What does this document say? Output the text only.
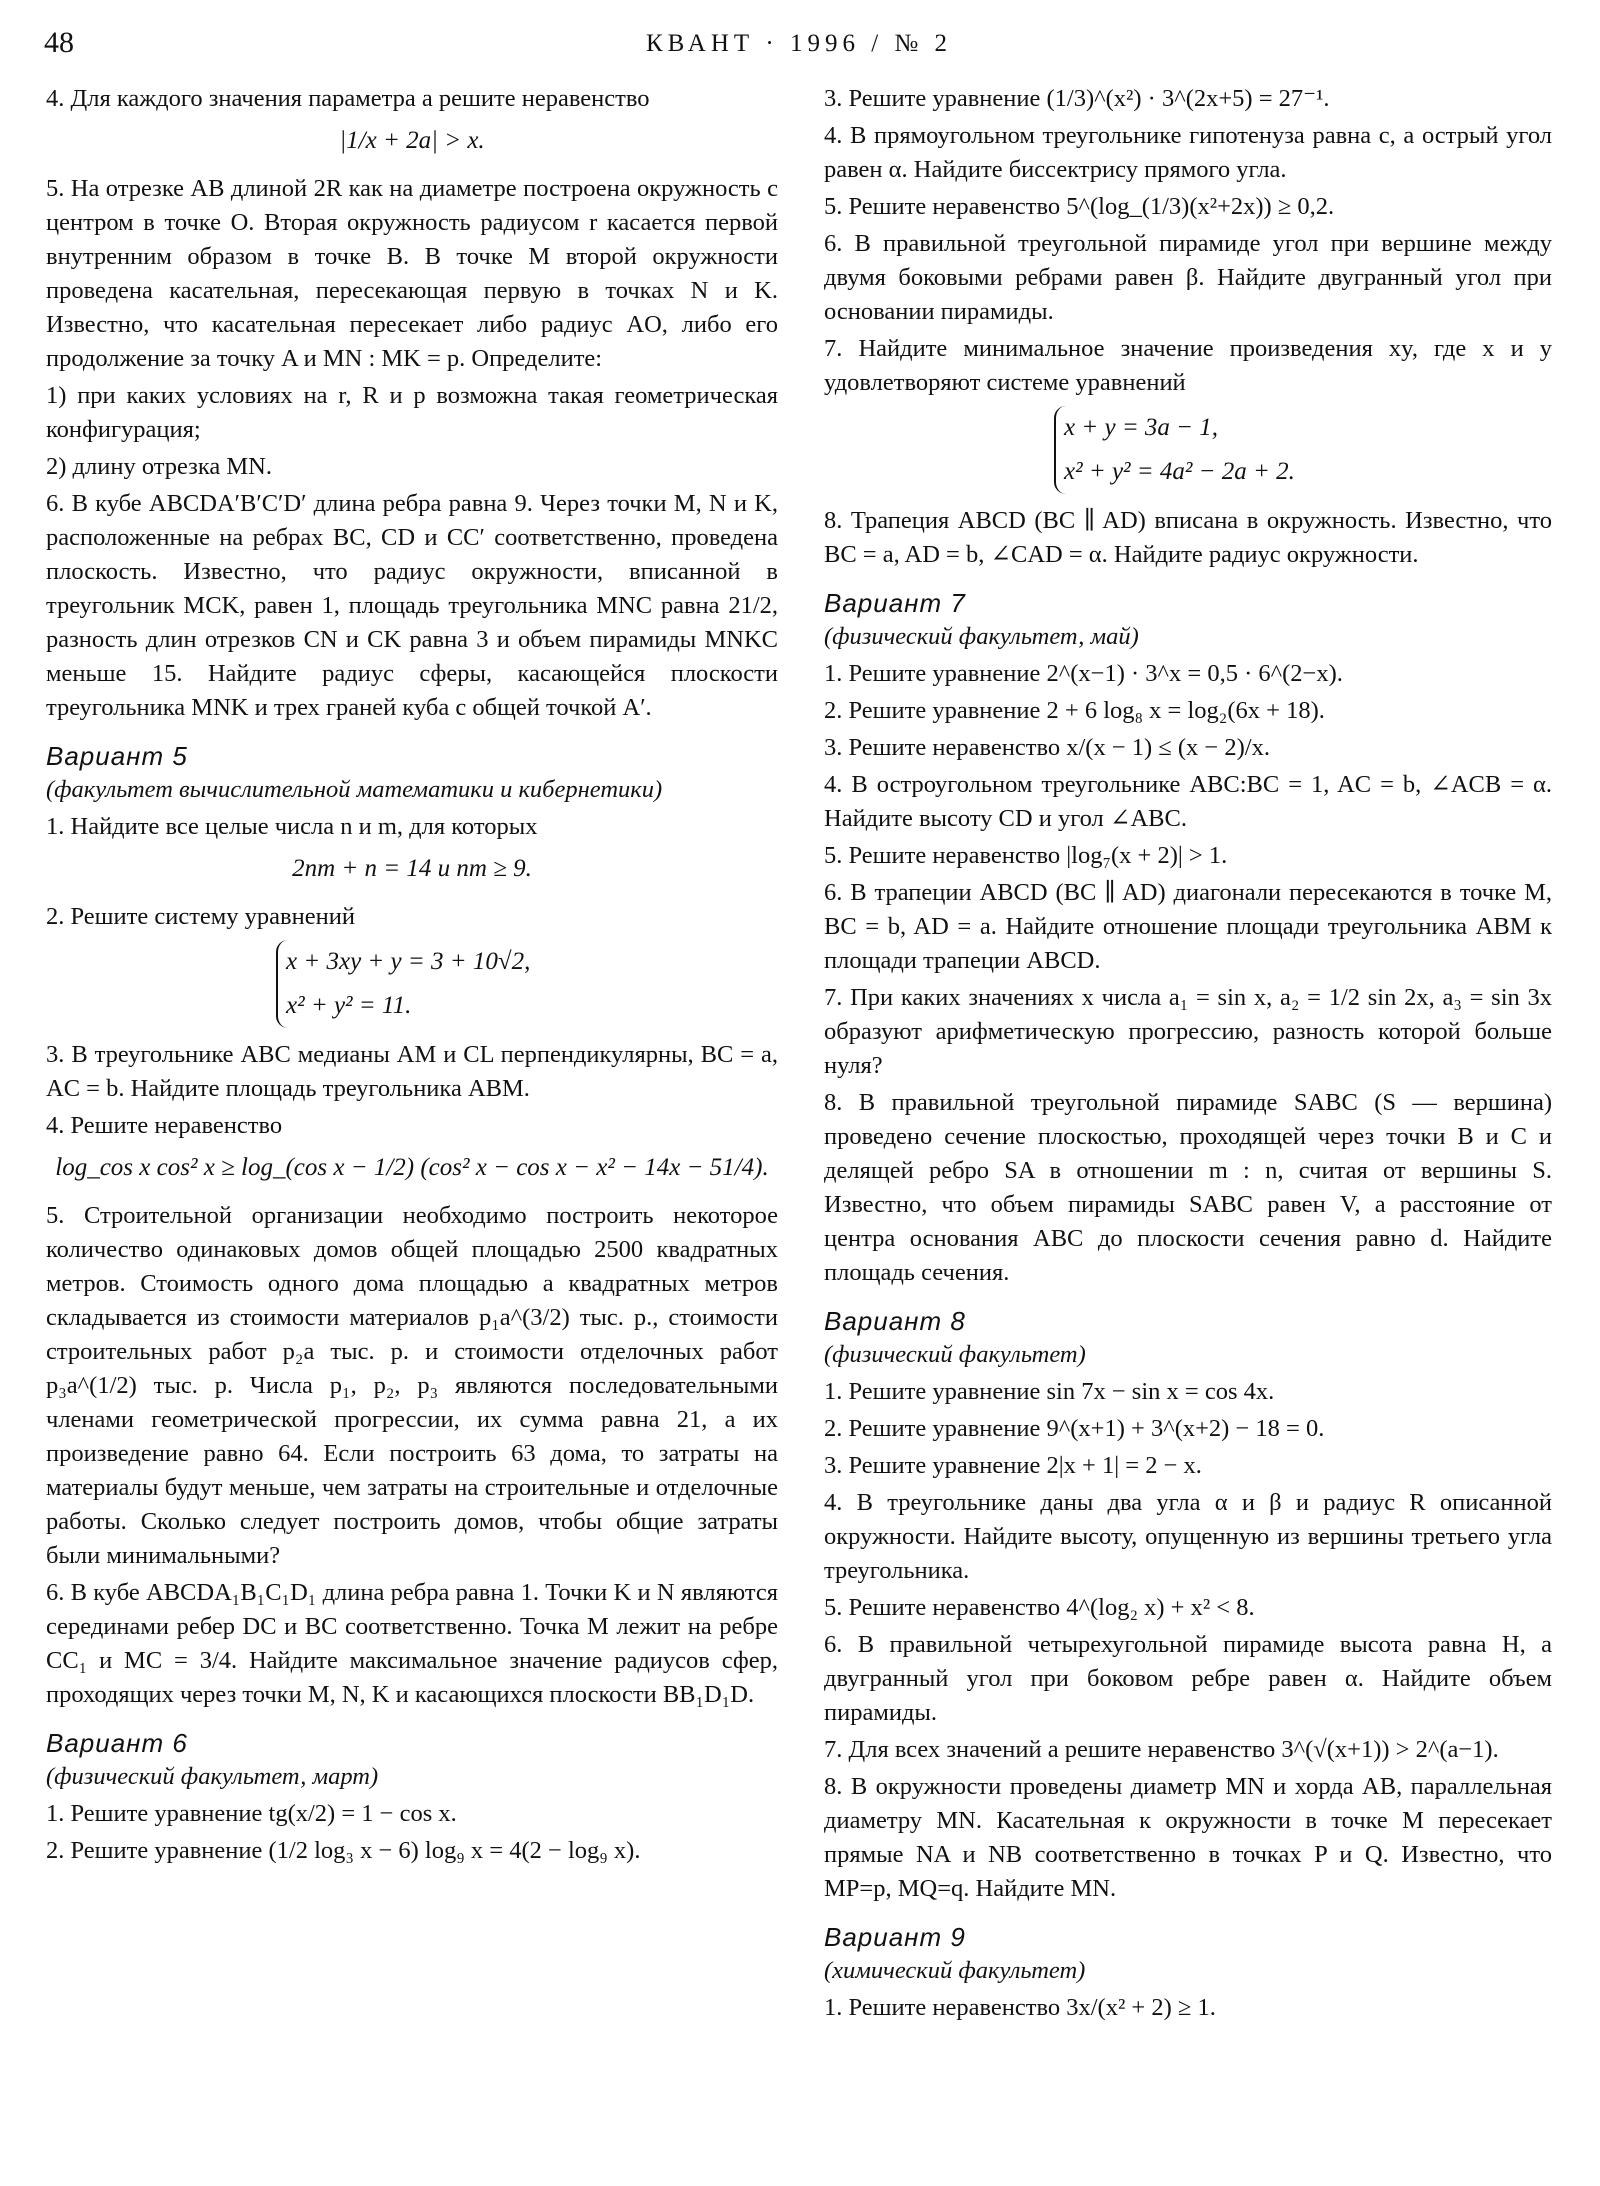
48	КВАНТ · 1996 / № 2

4. Для каждого значения параметра a решите неравенство

|1/x + 2a| > x.

5. На отрезке AB длиной 2R как на диаметре построена окружность с центром в точке O. Вторая окружность радиусом r касается первой внутренним образом в точке B. В точке M второй окружности проведена касательная, пересекающая первую в точках N и K. Известно, что касательная пересекает либо радиус AO, либо его продолжение за точку A и MN : MK = p. Определите:

1) при каких условиях на r, R и p возможна такая геометрическая конфигурация;

2) длину отрезка MN.

6. В кубе ABCDA′B′C′D′ длина ребра равна 9. Через точки M, N и K, расположенные на ребрах BC, CD и CC′ соответственно, проведена плоскость. Известно, что радиус окружности, вписанной в треугольник MCK, равен 1, площадь треугольника MNC равна 21/2, разность длин отрезков CN и CK равна 3 и объем пирамиды MNKC меньше 15. Найдите радиус сферы, касающейся плоскости треугольника MNK и трех граней куба с общей точкой A′.

Вариант 5

(факультет вычислительной математики и кибернетики)

1. Найдите все целые числа n и m, для которых

2nm + n = 14 и nm ≥ 9.

2. Решите систему уравнений

x + 3xy + y = 3 + 10√2,
x² + y² = 11.

3. В треугольнике ABC медианы AM и CL перпендикулярны, BC = a, AC = b. Найдите площадь треугольника ABM.

4. Решите неравенство

log_cos x cos² x ≥ log_(cos x − 1/2) (cos² x − cos x − x² − 14x − 51/4).

5. Строительной организации необходимо построить некоторое количество одинаковых домов общей площадью 2500 квадратных метров. Стоимость одного дома площадью a квадратных метров складывается из стоимости материалов p₁a^(3/2) тыс. р., стоимости строительных работ p₂a тыс. р. и стоимости отделочных работ p₃a^(1/2) тыс. р. Числа p₁, p₂, p₃ являются последовательными членами геометрической прогрессии, их сумма равна 21, а их произведение равно 64. Если построить 63 дома, то затраты на материалы будут меньше, чем затраты на строительные и отделочные работы. Сколько следует построить домов, чтобы общие затраты были минимальными?

6. В кубе ABCDA₁B₁C₁D₁ длина ребра равна 1. Точки K и N являются серединами ребер DC и BC соответственно. Точка M лежит на ребре CC₁ и MC = 3/4. Найдите максимальное значение радиусов сфер, проходящих через точки M, N, K и касающихся плоскости BB₁D₁D.

Вариант 6

(физический факультет, март)

1. Решите уравнение tg(x/2) = 1 − cos x.

2. Решите уравнение (1/2 log₃ x − 6) log₉ x = 4(2 − log₉ x).

3. Решите уравнение (1/3)^(x²) · 3^(2x+5) = 27⁻¹.

4. В прямоугольном треугольнике гипотенуза равна c, а острый угол равен α. Найдите биссектрису прямого угла.

5. Решите неравенство 5^(log_(1/3)(x²+2x)) ≥ 0,2.

6. В правильной треугольной пирамиде угол при вершине между двумя боковыми ребрами равен β. Найдите двугранный угол при основании пирамиды.

7. Найдите минимальное значение произведения xy, где x и y удовлетворяют системе уравнений

x + y = 3a − 1,
x² + y² = 4a² − 2a + 2.

8. Трапеция ABCD (BC ∥ AD) вписана в окружность. Известно, что BC = a, AD = b, ∠CAD = α. Найдите радиус окружности.

Вариант 7

(физический факультет, май)

1. Решите уравнение 2^(x−1) · 3^x = 0,5 · 6^(2−x).

2. Решите уравнение 2 + 6 log₈ x = log₂(6x + 18).

3. Решите неравенство x/(x − 1) ≤ (x − 2)/x.

4. В остроугольном треугольнике ABC:BC = 1, AC = b, ∠ACB = α. Найдите высоту CD и угол ∠ABC.

5. Решите неравенство |log₇(x + 2)| > 1.

6. В трапеции ABCD (BC ∥ AD) диагонали пересекаются в точке M, BC = b, AD = a. Найдите отношение площади треугольника ABM к площади трапеции ABCD.

7. При каких значениях x числа a₁ = sin x, a₂ = 1/2 sin 2x, a₃ = sin 3x образуют арифметическую прогрессию, разность которой больше нуля?

8. В правильной треугольной пирамиде SABC (S — вершина) проведено сечение плоскостью, проходящей через точки B и C и делящей ребро SA в отношении m : n, считая от вершины S. Известно, что объем пирамиды SABC равен V, а расстояние от центра основания ABC до плоскости сечения равно d. Найдите площадь сечения.

Вариант 8

(физический факультет)

1. Решите уравнение sin 7x − sin x = cos 4x.

2. Решите уравнение 9^(x+1) + 3^(x+2) − 18 = 0.

3. Решите уравнение 2|x + 1| = 2 − x.

4. В треугольнике даны два угла α и β и радиус R описанной окружности. Найдите высоту, опущенную из вершины третьего угла треугольника.

5. Решите неравенство 4^(log₂ x) + x² < 8.

6. В правильной четырехугольной пирамиде высота равна H, а двугранный угол при боковом ребре равен α. Найдите объем пирамиды.

7. Для всех значений a решите неравенство 3^(√(x+1)) > 2^(a−1).

8. В окружности проведены диаметр MN и хорда AB, параллельная диаметру MN. Касательная к окружности в точке M пересекает прямые NA и NB соответственно в точках P и Q. Известно, что MP=p, MQ=q. Найдите MN.

Вариант 9

(химический факультет)

1. Решите неравенство 3x/(x² + 2) ≥ 1.
